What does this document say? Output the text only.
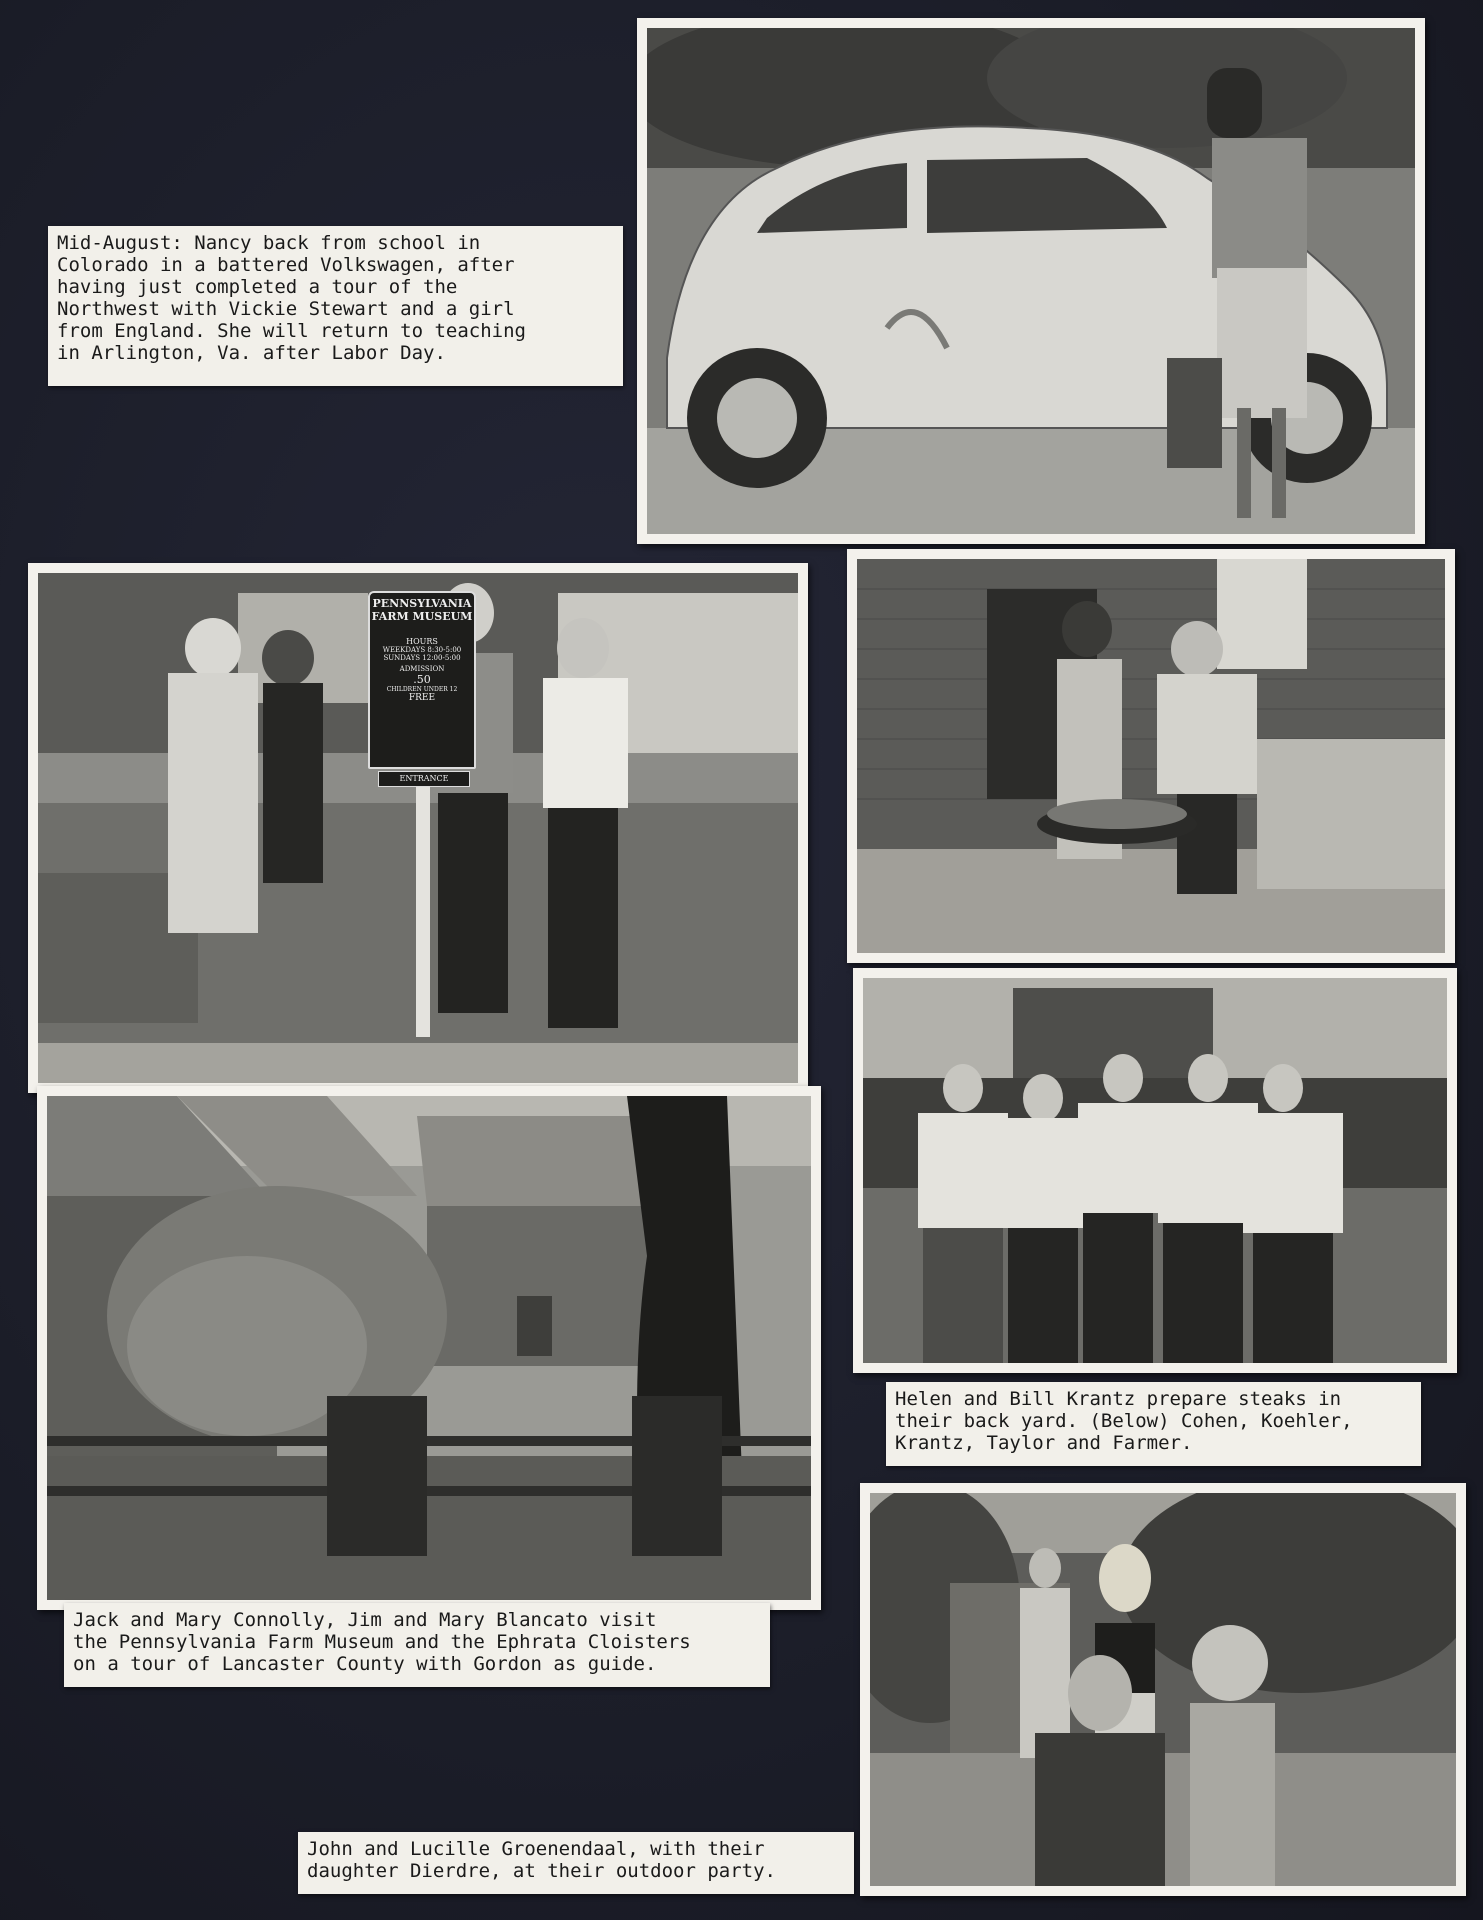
Mid-August: Nancy back from school in
Colorado in a battered Volkswagen, after
having just completed a tour of the
Northwest with Vickie Stewart and a girl
from England. She will return to teaching
in Arlington, Va. after Labor Day.
PENNSYLVANIA
FARM MUSEUM
HOURS
WEEKDAYS 8:30-5:00
SUNDAYS 12:00-5:00
ADMISSION
.50
CHILDREN UNDER 12
FREE
ENTRANCE
Helen and Bill Krantz prepare steaks in
their back yard. (Below) Cohen, Koehler,
Krantz, Taylor and Farmer.
Jack and Mary Connolly, Jim and Mary Blancato visit
the Pennsylvania Farm Museum and the Ephrata Cloisters
on a tour of Lancaster County with Gordon as guide.
John and Lucille Groenendaal, with their
daughter Dierdre, at their outdoor party.
